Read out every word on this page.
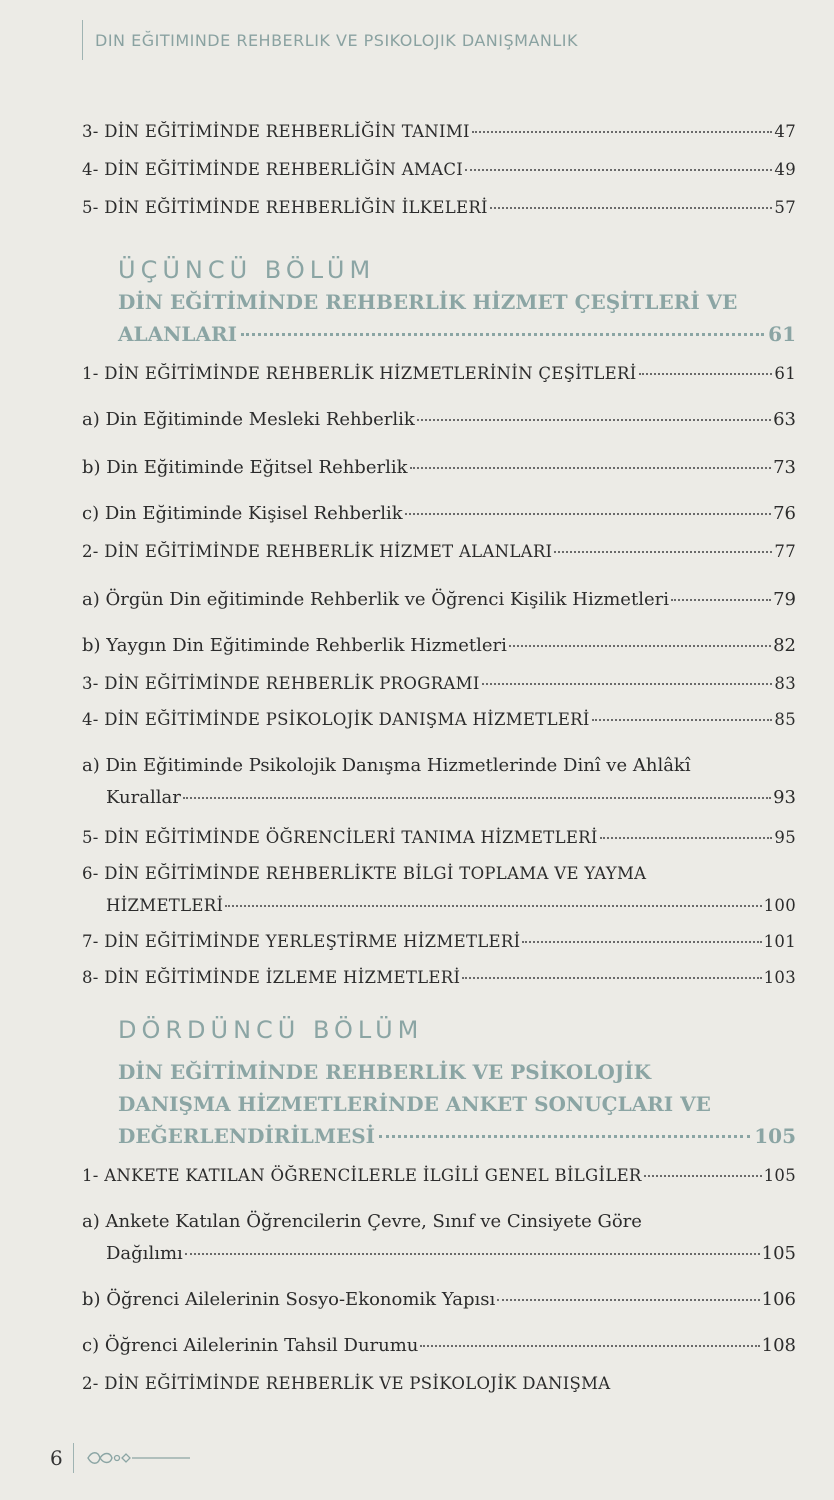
DIN EĞITIMINDE REHBERLIK VE PSIKOLOJIK DANIŞMANLIK
3- DİN EĞİTİMİNDE REHBERLİĞİN TANIMI	47
4- DİN EĞİTİMİNDE REHBERLİĞİN AMACI	49
5- DİN EĞİTİMİNDE REHBERLİĞİN İLKELERİ	57
ÜÇÜNCÜ BÖLÜM
DİN EĞİTİMİNDE REHBERLİK HİZMET ÇEŞİTLERİ VE
ALANLARI	61
1- DİN EĞİTİMİNDE REHBERLİK HİZMETLERİNİN ÇEŞİTLERİ	61
a) Din Eğitiminde Mesleki Rehberlik	63
b) Din Eğitiminde Eğitsel Rehberlik	73
c) Din Eğitiminde Kişisel Rehberlik	76
2- DİN EĞİTİMİNDE REHBERLİK HİZMET ALANLARI	77
a) Örgün Din eğitiminde Rehberlik ve Öğrenci Kişilik Hizmetleri	79
b) Yaygın Din Eğitiminde Rehberlik Hizmetleri	82
3- DİN EĞİTİMİNDE REHBERLİK PROGRAMI	83
4- DİN EĞİTİMİNDE PSİKOLOJİK DANIŞMA HİZMETLERİ	85
a) Din Eğitiminde Psikolojik Danışma Hizmetlerinde Dinî ve Ahlâkî
Kurallar	93
5- DİN EĞİTİMİNDE ÖĞRENCİLERİ TANIMA HİZMETLERİ	95
6- DİN EĞİTİMİNDE REHBERLİKTE BİLGİ TOPLAMA VE YAYMA
HİZMETLERİ	100
7- DİN EĞİTİMİNDE YERLEŞTİRME HİZMETLERİ	101
8- DİN EĞİTİMİNDE İZLEME HİZMETLERİ	103
DÖRDÜNCÜ BÖLÜM
DİN EĞİTİMİNDE REHBERLİK VE PSİKOLOJİK
DANIŞMA HİZMETLERİNDE ANKET SONUÇLARI VE
DEĞERLENDİRİLMESİ	105
1- ANKETE KATILAN ÖĞRENCİLERLE İLGİLİ GENEL BİLGİLER	105
a) Ankete Katılan Öğrencilerin Çevre, Sınıf ve Cinsiyete Göre
Dağılımı	105
b) Öğrenci Ailelerinin Sosyo-Ekonomik Yapısı	106
c) Öğrenci Ailelerinin Tahsil Durumu	108
2- DİN EĞİTİMİNDE REHBERLİK VE PSİKOLOJİK DANIŞMA
6
